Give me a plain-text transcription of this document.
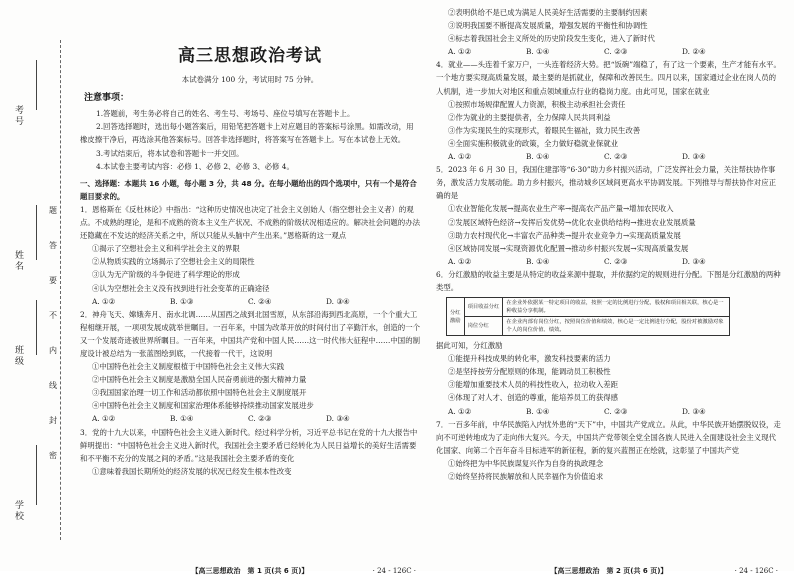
考号
姓名
班级
学校
题
答
要
不
内
线
封
密
高三思想政治考试
本试卷满分 100 分，考试用时 75 分钟。
注意事项：

1.答题前，考生务必将自己的姓名、考生号、考场号、座位号填写在答题卡上。

2.回答选择题时，选出每小题答案后，用铅笔把答题卡上对应题目的答案标号涂黑。如需改动，用橡皮擦干净后，再选涂其他答案标号。回答非选择题时，将答案写在答题卡上。写在本试卷上无效。

3.考试结束后，将本试卷和答题卡一并交回。

4.本试卷主要考试内容：必修 1、必修 2、必修 3、必修 4。

一、选择题：本题共 16 小题，每小题 3 分，共 48 分。在每小题给出的四个选项中，只有一个是符合题目要求的。

1．恩格斯在《反杜林论》中指出：“这种历史情况也决定了社会主义创始人（指空想社会主义者）的观点。不成熟的理论，是和不成熟的资本主义生产状况、不成熟的阶级状况相适应的。解决社会问题的办法还隐藏在不发达的经济关系之中，所以只能从头脑中产生出来。”恩格斯的这一观点

①揭示了空想社会主义和科学社会主义的界限

②从物质实践的立场揭示了空想社会主义的局限性

③认为无产阶级的斗争促进了科学理论的形成

④认为空想社会主义没有找到进行社会变革的正确途径

A. ①②	B. ①③	C. ②④	D. ③④

2．神舟飞天、嫦娥奔月、南水北调……从国西之战到北国雪原，从东部沿海到西北高原，一个个重大工程相继开展，一项项发展成就举世瞩目。一百年来，中国为改革开放的时间付出了辛勤汗水，创造的一个又一个发展奇迹被世界所瞩目。一百年来，中国共产党和中国人民……这一时代伟大征程中……中国的制度设计被总结为一张蓝图绘到底，一代接着一代干，这说明

①中国特色社会主义制度根植于中国特色社会主义伟大实践

②中国特色社会主义制度是激励全国人民奋勇前进的强大精神力量

③我国国家治理一切工作和活动都依照中国特色社会主义制度展开

④中国特色社会主义制度和国家治理体系能够持续推动国家发展进步

A. ①②	B. ①④	C. ②③	D. ③④

3．党的十九大以来，中国特色社会主义进入新时代。经过科学分析，习近平总书记在党的十九大报告中鲜明提出：“中国特色社会主义进入新时代，我国社会主要矛盾已经转化为人民日益增长的美好生活需要和不平衡不充分的发展之间的矛盾。”这是我国社会主要矛盾的变化

①意味着我国长期所处的经济发展的状况已经发生根本性改变

【高三思想政治　第 1 页(共 6 页)】	· 24 - 126C ·

②表明供给不是已成为满足人民美好生活需要的主要制约因素

③说明我国要不断提高发展质量，增强发展的平衡性和协调性

④标志着我国社会主义所处的历史阶段发生变化，进入了新时代

A. ①②	B. ①④	C. ②③	D. ②④

4．就业——头连着千家万户，一头连着经济大势。把“饭碗”端稳了，有了这一个要素，生产才能有水平。一个地方要实现高质量发展，最主要的是抓就业，保障和改善民生。四月以来，国家通过企业在岗人员的人机制，进一步加大对地区和重点领域重点行业的稳岗力度。由此可见，国家在就业

①按照市场规律配置人力资源，积极主动承担社会责任

②作为就业的主要提供者，全力保障人民共同利益

③作为实现民生的实现形式，着眼民生福祉，致力民生改善

④全面实施积极就业的政策，全力做好稳就业保就业

A. ①②	B. ①④	C. ②③	D. ③④

5．2023 年 6 月 30 日，我国住建部等“6·30”助力乡村振兴活动，广泛发挥社会力量，关注帮扶协作事务，激发活力发展动能。助力乡村振兴，推动城乡区域间更高水平协调发展。下列推导与帮扶协作对应正确的是

①农业智能化发展→提高农业生产率→提高农产品产量→增加农民收入

②发展区域特色经济→发挥后发优势→优化农业供给结构→推进农业发展质量

③助力农村现代化→丰富农产品种类→提升农业竞争力→实现高质量发展

④区域协同发展→实现资源优化配置→推动乡村振兴发展→实现高质量发展

A. ①②	B. ①④	C. ②③	D. ③④

6．分红激励的收益主要是从特定的收益来源中提取，并依据约定的规则进行分配。下图是分红激励的两种类型。

分红
激励	项目收益分红	在企业外依据某一特定项目的收益，按照一定的比例进行分配，股权和项目相关联，核心是一种收益分享机制。
	岗位分红	在企业内部有岗位分红，按照岗位价值和绩效，核心是一定比例进行分配，股份对被激励对象个人的岗位价值、绩效。

据此可知，分红激励

①能提升科技成果的转化率，激发科技要素的活力

②是坚持按劳分配原则的体现，能调动员工积极性

③能增加重要技术人员的科技性收入，拉动收入差距

④体现了对人才、创造的尊重，能培养员工的获得感

A. ①②	B. ①④	C. ②③	D. ③④

7．一百多年前，中华民族陷入内忧外患的“天下”中，中国共产党成立。从此，中华民族开始摆脱奴役，走向不可逆转地成为了走向伟大复兴。今天，中国共产党带领全党全国各族人民进入全面建设社会主义现代化国家、向第二个百年奋斗目标进军的新征程，新的复兴蓝图正在绘就，这彰显了中国共产党

①始终把为中华民族谋复兴作为自身的执政理念

②始终坚持将民族解放和人民幸福作为价值追求

【高三思想政治　第 2 页(共 6 页)】	· 24 - 126C ·
